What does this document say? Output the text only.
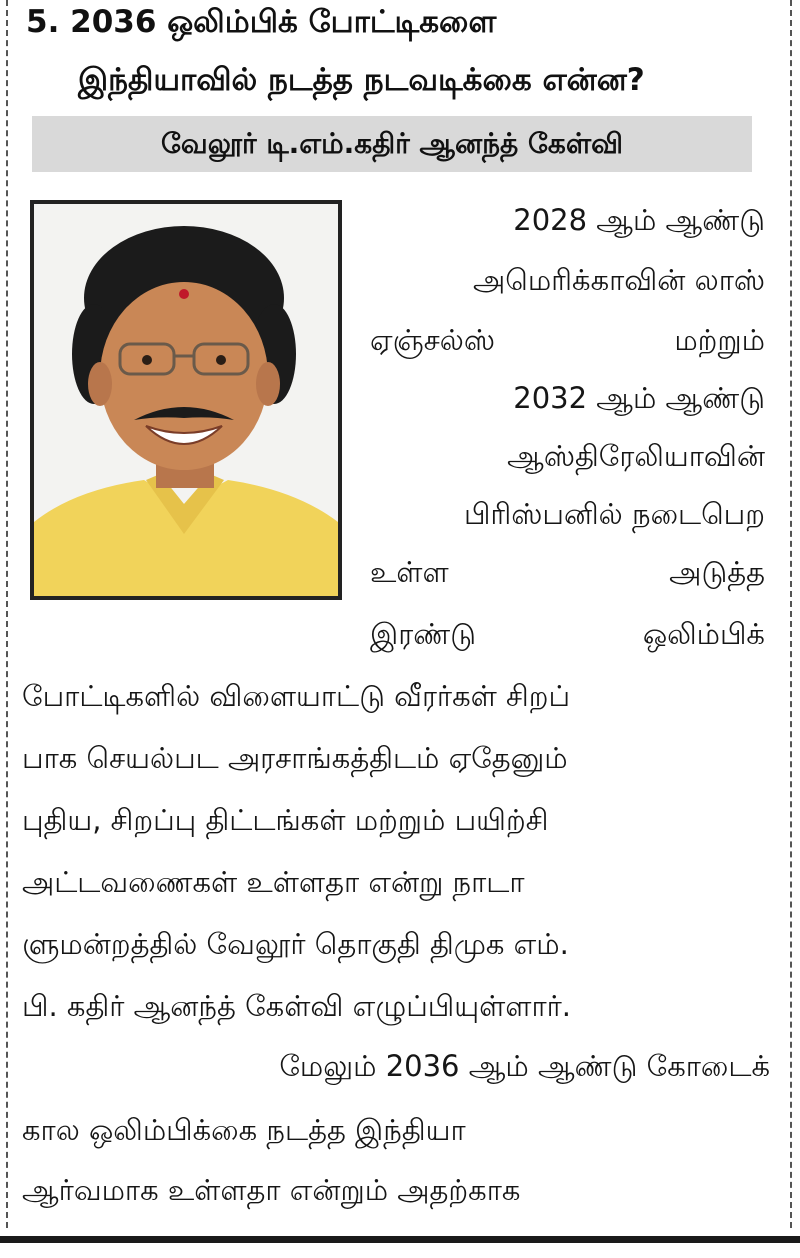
5. 2036 ஒலிம்பிக் போட்டிகளை
இந்தியாவில் நடத்த நடவடிக்கை என்ன?
வேலூர் டி.எம்.கதிர் ஆனந்த் கேள்வி
2028 ஆம் ஆண்டு
அமெரிக்காவின் லாஸ்
ஏஞ்சல்ஸ்	மற்றும்
2032 ஆம் ஆண்டு
ஆஸ்திரேலியாவின்
பிரிஸ்பனில் நடைபெற
உள்ள	அடுத்த
இரண்டு	ஒலிம்பிக்
போட்டிகளில் விளையாட்டு வீரர்கள் சிறப்
பாக செயல்பட அரசாங்கத்திடம் ஏதேனும்
புதிய, சிறப்பு திட்டங்கள் மற்றும் பயிற்சி
அட்டவணைகள் உள்ளதா என்று நாடா
ளுமன்றத்தில் வேலூர் தொகுதி திமுக எம்.
பி. கதிர் ஆனந்த் கேள்வி எழுப்பியுள்ளார்.
மேலும் 2036 ஆம் ஆண்டு கோடைக்
கால ஒலிம்பிக்கை நடத்த இந்தியா
ஆர்வமாக உள்ளதா என்றும் அதற்காக
